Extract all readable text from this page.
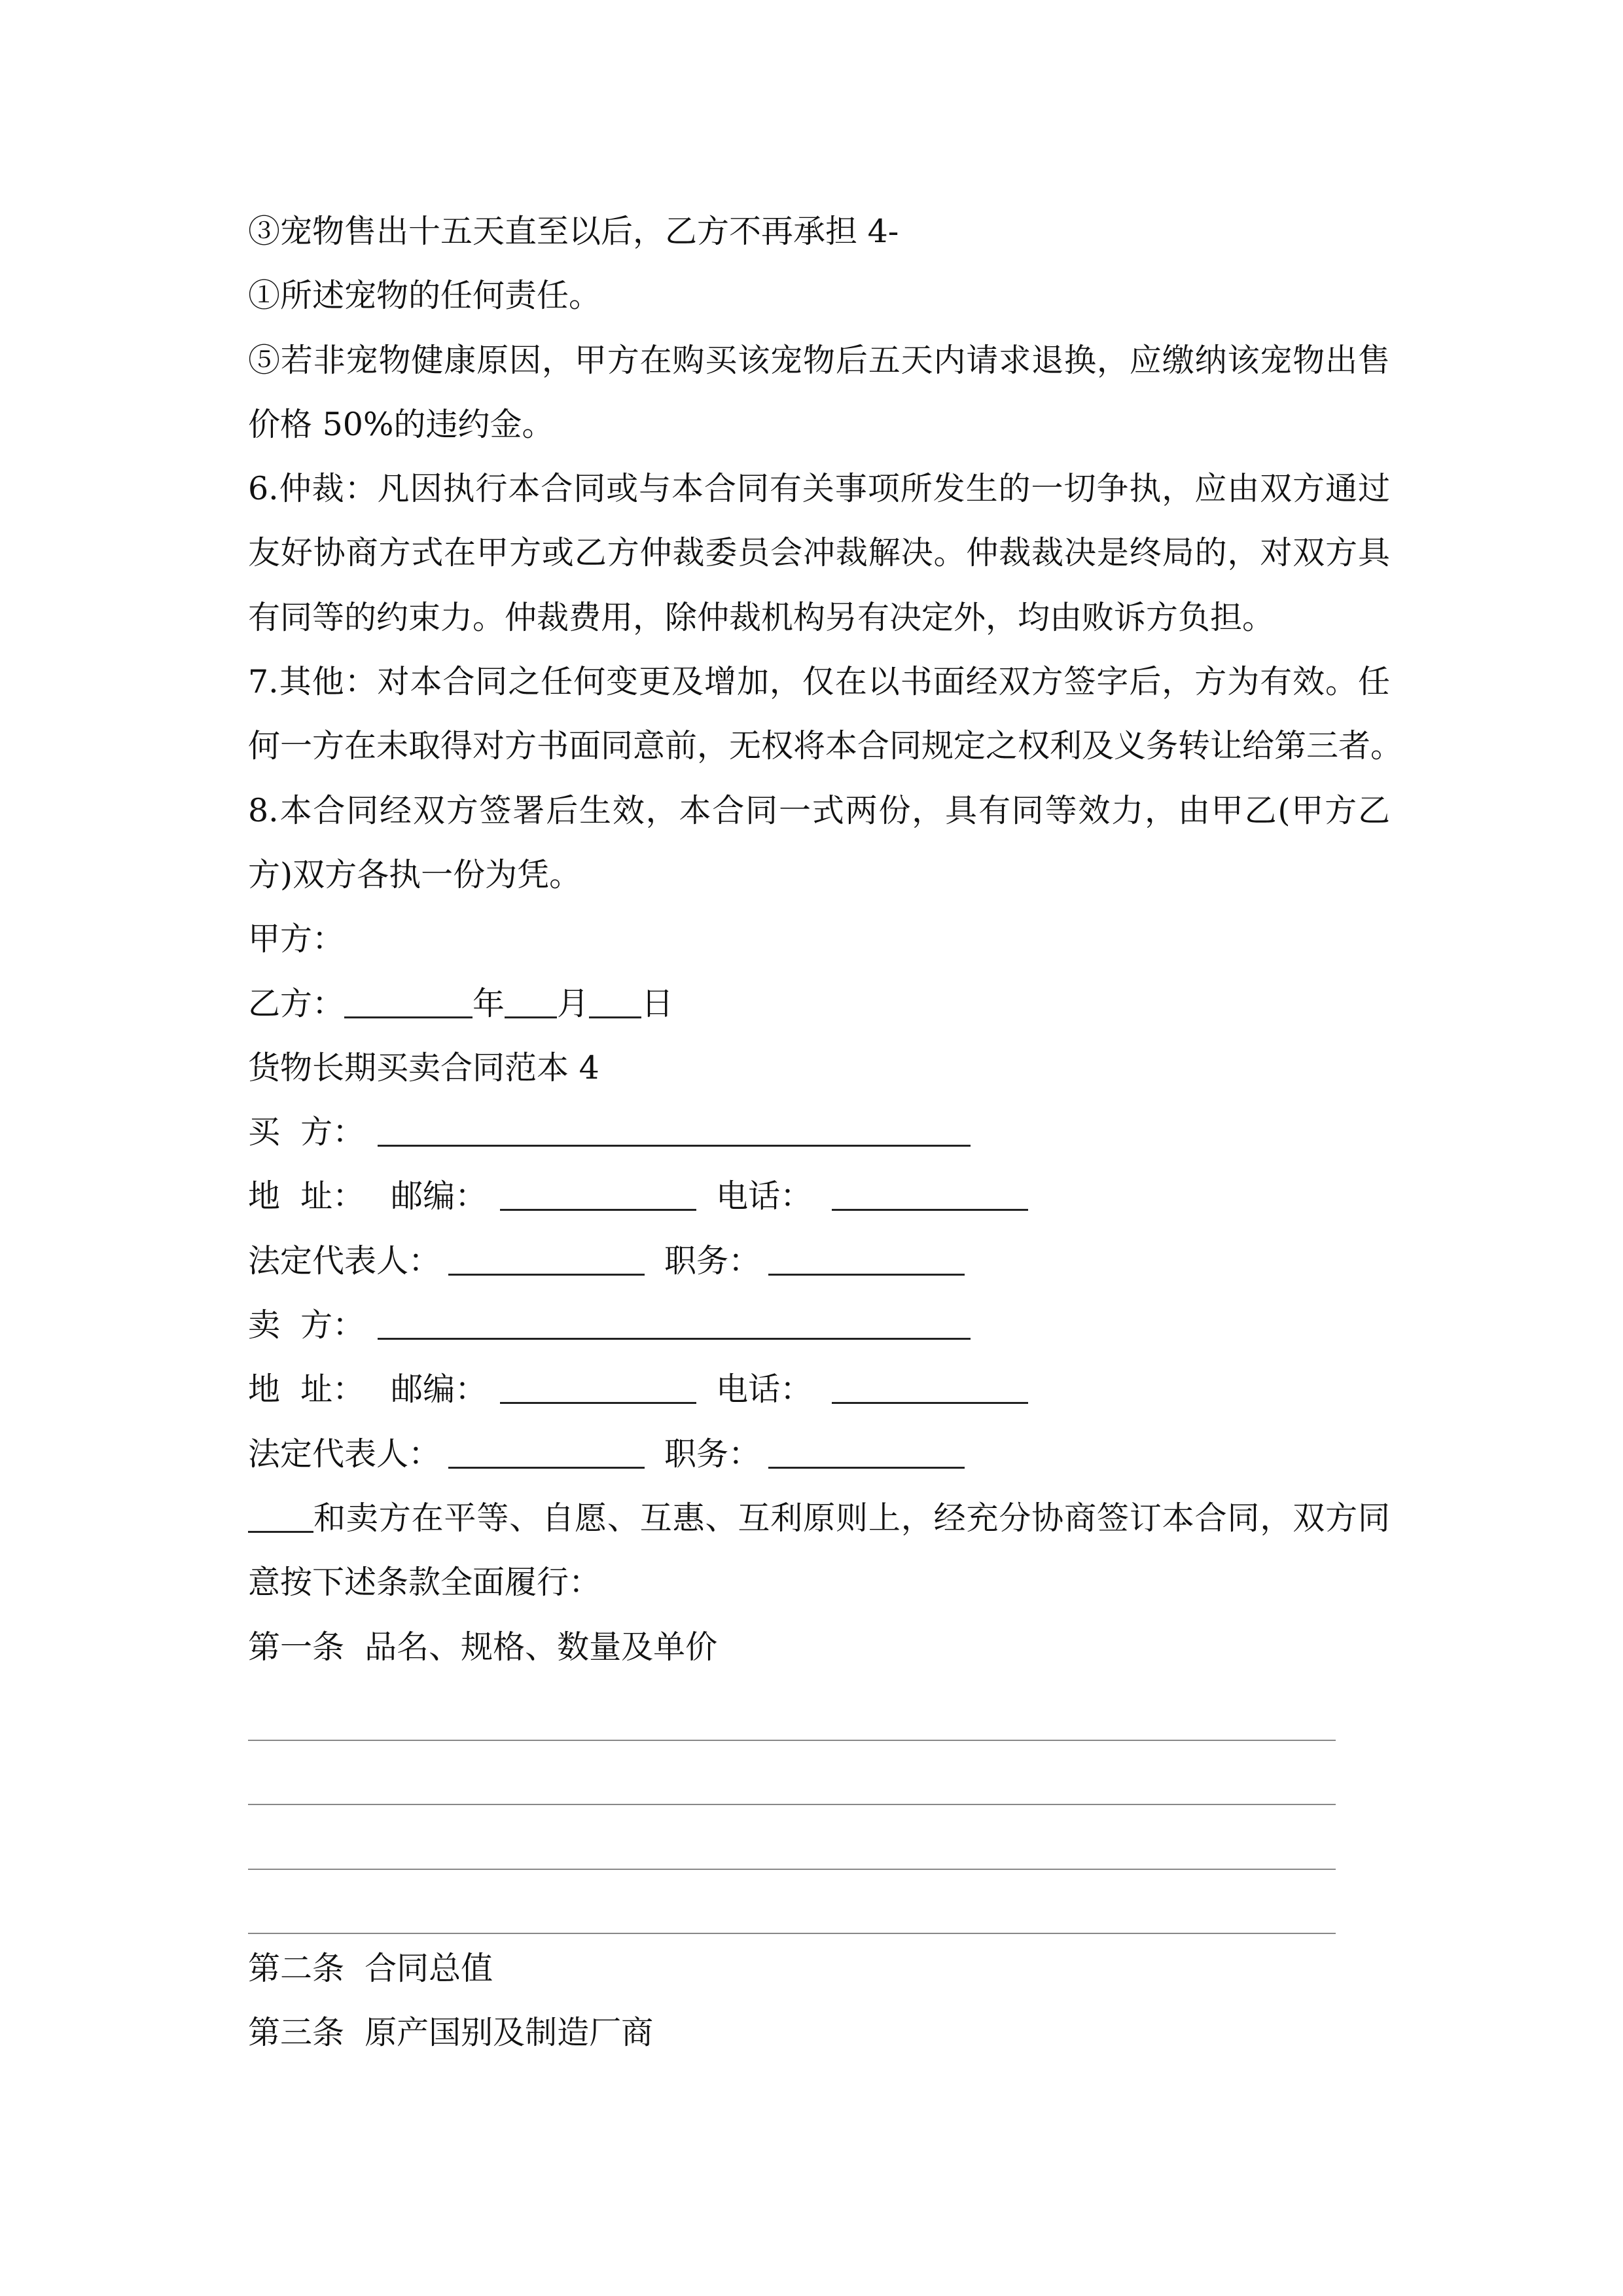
③宠物售出十五天直至以后，乙方不再承担 4-
①所述宠物的任何责任。
⑤若非宠物健康原因，甲方在购买该宠物后五天内请求退换，应缴纳该宠物出售
价格 50%的违约金。
6.仲裁：凡因执行本合同或与本合同有关事项所发生的一切争执，应由双方通过
友好协商方式在甲方或乙方仲裁委员会冲裁解决。仲裁裁决是终局的，对双方具
有同等的约束力。仲裁费用，除仲裁机构另有决定外，均由败诉方负担。
7.其他：对本合同之任何变更及增加，仅在以书面经双方签字后，方为有效。任
何一方在未取得对方书面同意前，无权将本合同规定之权利及义务转让给第三者。
8.本合同经双方签署后生效，本合同一式两份，具有同等效力，由甲乙(甲方乙
方)双方各执一份为凭。
甲方：
乙方：	年 月 日
货物长期买卖合同范本 4
买  方：
地  址： 邮编：	电话：
法定代表人：	职务：
卖  方：
地  址： 邮编：	电话：
法定代表人：	职务：
和卖方在平等、自愿、互惠、互利原则上，经充分协商签订本合同，双方同
意按下述条款全面履行：
第一条  品名、规格、数量及单价
第二条  合同总值
第三条  原产国别及制造厂商
